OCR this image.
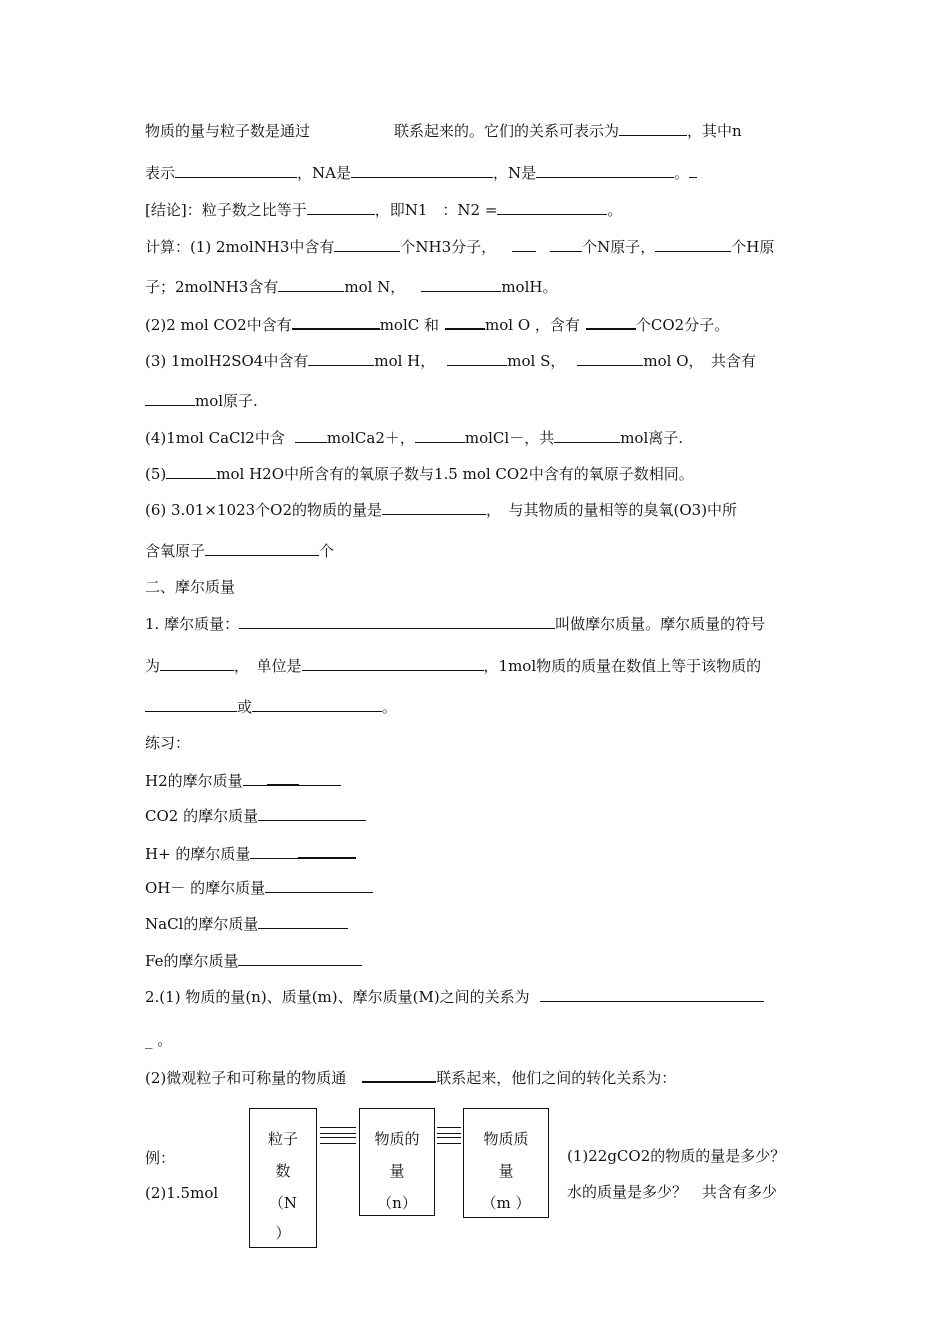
物质的量与粒子数是通过	联系起来的。它们的关系可表示为	，其中n
表示	，NA是	，N是	。
[结论]：粒子数之比等于	，即N1　：N2 =	。
计算：(1) 2molNH3中含有	个NH3分子，	个N原子，	个H原
子；2molNH3含有	mol N，	molH。
(2)2 mol CO2中含有	molC 和	mol O ，含有	个CO2分子。
(3) 1molH2SO4中含有	mol H，	mol S，	mol O，　共含有
mol原子.
(4)1mol CaCl2中含	molCa2＋，	molCl－，共	mol离子.
(5)	mol H2O中所含有的氧原子数与1.5 mol CO2中含有的氧原子数相同。
(6) 3.01×1023个O2的物质的量是	，　与其物质的量相等的臭氧(O3)中所
含氧原子	个
二、摩尔质量
1. 摩尔质量：	叫做摩尔质量。摩尔质量的符号
为	，　单位是	，1mol物质的质量在数值上等于该物质的
或	。
练习：
H2的摩尔质量
CO2 的摩尔质量
H+ 的摩尔质量
OH－ 的摩尔质量
NaCl的摩尔质量
Fe的摩尔质量
2.(1) 物质的量(n)、质量(m)、摩尔质量(M)之间的关系为
_ 。
(2)微观粒子和可称量的物质通	联系起来，他们之间的转化关系为：
例：
(2)1.5mol
(1)22gCO2的物质的量是多少？
水的质量是多少？　共含有多少
粒子
数
（N
）
物质的
量
（n）
物质质
量
（m ）
